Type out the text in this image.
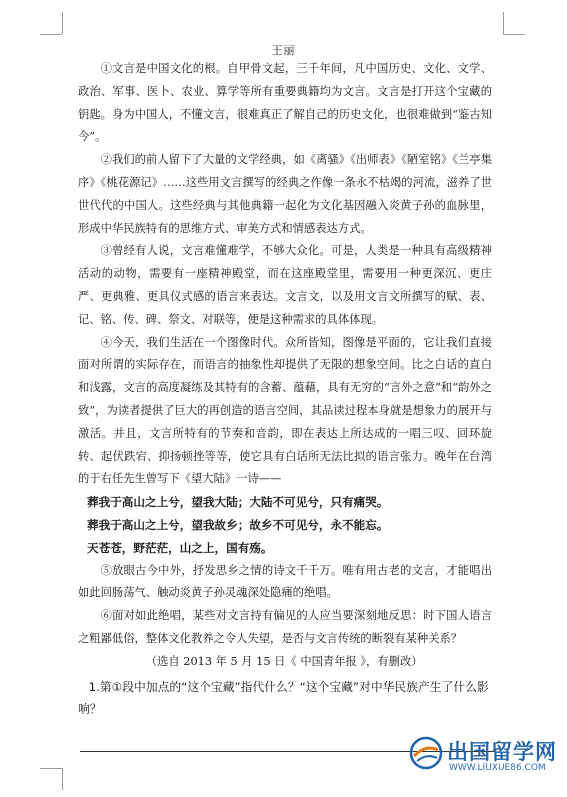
王丽

①文言是中国文化的根。自甲骨文起，三千年间，凡中国历史、文化、文学、政治、军事、医卜、农业、算学等所有重要典籍均为文言。文言是打开这个宝藏的钥匙。身为中国人，不懂文言，很难真正了解自己的历史文化，也很难做到“鉴古知今”。

②我们的前人留下了大量的文学经典，如《离骚》《出师表》《陋室铭》《兰亭集序》《桃花源记》……这些用文言撰写的经典之作像一条永不枯竭的河流，滋养了世世代代的中国人。这些经典与其他典籍一起化为文化基因融入炎黄子孙的血脉里，形成中华民族特有的思维方式、审美方式和情感表达方式。

③曾经有人说，文言难懂难学，不够大众化。可是，人类是一种具有高级精神活动的动物，需要有一座精神殿堂，而在这座殿堂里，需要用一种更深沉、更庄严、更典雅、更具仪式感的语言来表达。文言文，以及用文言文所撰写的赋、表、记、铭、传、碑、祭文、对联等，便是这种需求的具体体现。

④今天，我们生活在一个图像时代。众所皆知，图像是平面的，它让我们直接面对所谓的实际存在，而语言的抽象性却提供了无限的想象空间。比之白话的直白和浅露，文言的高度凝练及其特有的含蓄、蕴藉，具有无穷的“言外之意”和“韵外之致”，为读者提供了巨大的再创造的语言空间，其品读过程本身就是想象力的展开与激活。并且，文言所特有的节奏和音韵，即在表达上所达成的一唱三叹、回环旋转、起伏跌宕、抑扬顿挫等等，使它具有白话所无法比拟的语言张力。晚年在台湾的于右任先生曾写下《望大陆》一诗——

葬我于高山之上兮，望我大陆；大陆不可见兮，只有痛哭。

葬我于高山之上兮，望我故乡；故乡不可见兮，永不能忘。

天苍苍，野茫茫，山之上，国有殇。

⑤放眼古今中外，抒发思乡之情的诗文千千万。唯有用古老的文言，才能唱出如此回肠荡气、触动炎黄子孙灵魂深处隐痛的绝唱。

⑥面对如此绝唱，某些对文言持有偏见的人应当要深刻地反思：时下国人语言之粗鄙低俗，整体文化教养之令人失望，是否与文言传统的断裂有某种关系？

（选自 2013 年 5 月 15 日《 中国青年报 》，有删改）

1.第①段中加点的“这个宝藏”指代什么？“这个宝藏”对中华民族产生了什么影响？

出国留学网
WWW.LIUXUE86.COM
